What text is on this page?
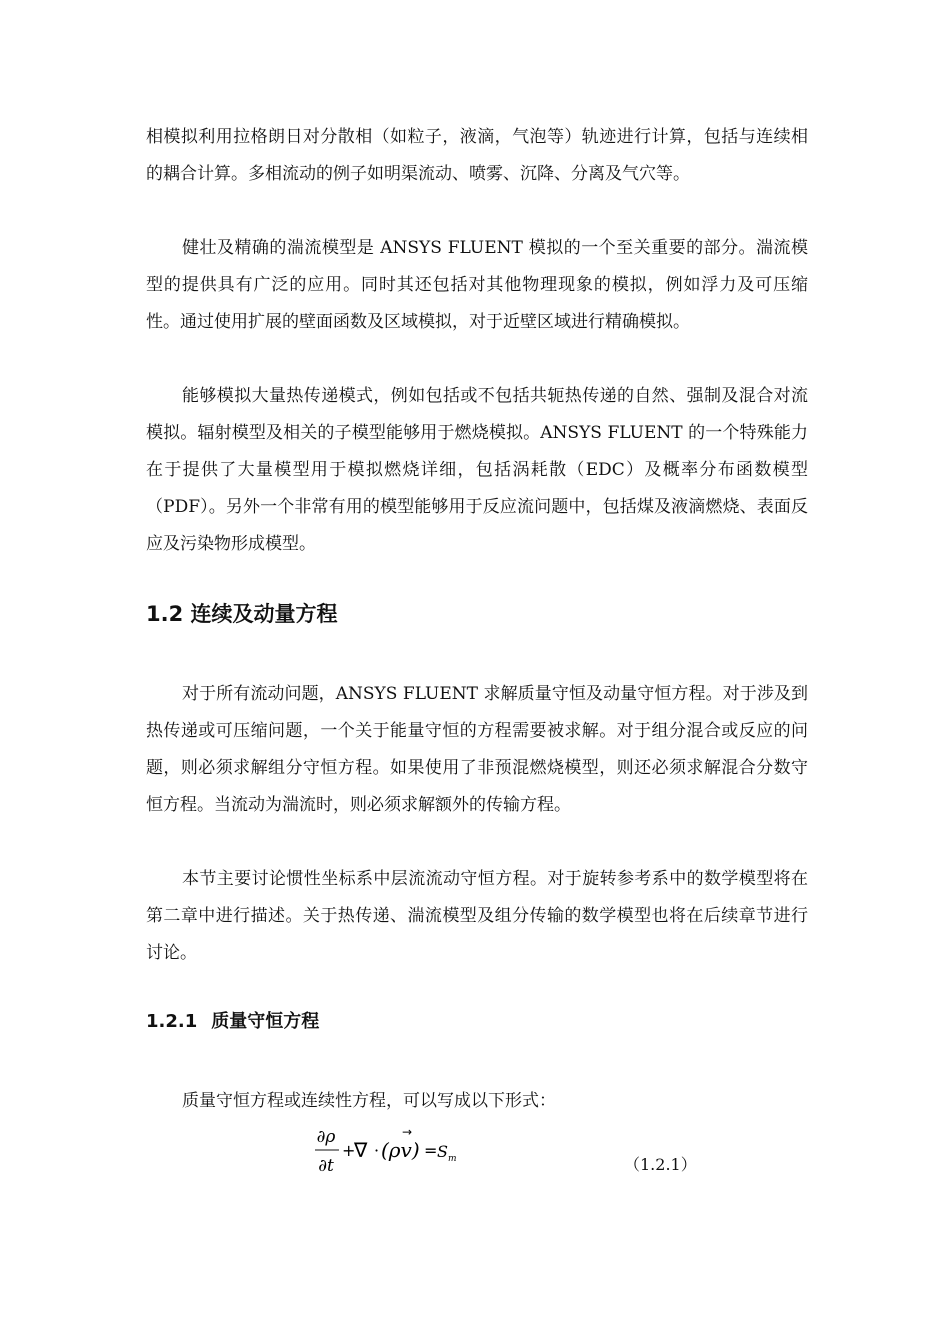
相模拟利用拉格朗日对分散相（如粒子，液滴，气泡等）轨迹进行计算，包括与连续相的耦合计算。多相流动的例子如明渠流动、喷雾、沉降、分离及气穴等。

健壮及精确的湍流模型是 ANSYS FLUENT 模拟的一个至关重要的部分。湍流模型的提供具有广泛的应用。同时其还包括对其他物理现象的模拟，例如浮力及可压缩性。通过使用扩展的壁面函数及区域模拟，对于近壁区域进行精确模拟。

能够模拟大量热传递模式，例如包括或不包括共轭热传递的自然、强制及混合对流模拟。辐射模型及相关的子模型能够用于燃烧模拟。ANSYS FLUENT 的一个特殊能力在于提供了大量模型用于模拟燃烧详细，包括涡耗散（EDC）及概率分布函数模型（PDF）。另外一个非常有用的模型能够用于反应流问题中，包括煤及液滴燃烧、表面反应及污染物形成模型。

1.2 连续及动量方程

对于所有流动问题，ANSYS FLUENT 求解质量守恒及动量守恒方程。对于涉及到热传递或可压缩问题，一个关于能量守恒的方程需要被求解。对于组分混合或反应的问题，则必须求解组分守恒方程。如果使用了非预混燃烧模型，则还必须求解混合分数守恒方程。当流动为湍流时，则必须求解额外的传输方程。

本节主要讨论惯性坐标系中层流流动守恒方程。对于旋转参考系中的数学模型将在第二章中进行描述。关于热传递、湍流模型及组分传输的数学模型也将在后续章节进行讨论。

1.2.1 质量守恒方程

质量守恒方程或连续性方程，可以写成以下形式：

∂ρ
∂t
+
∇ · (ρv)
→
= S m	（1.2.1）
